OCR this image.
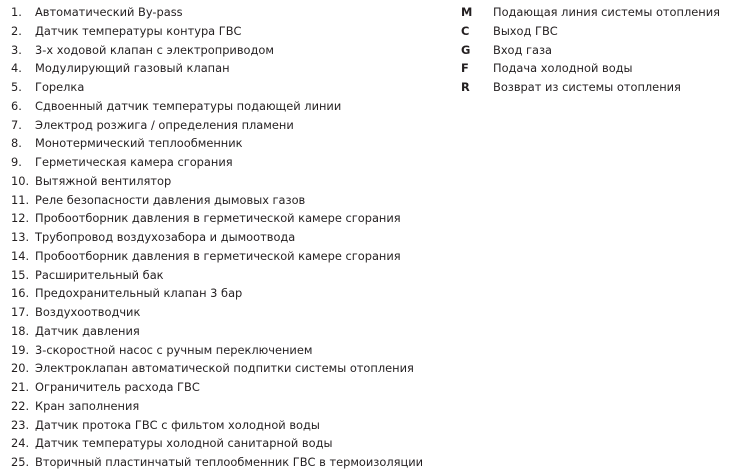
1. Автоматический By-pass
2. Датчик температуры контура ГВС
3. 3-х ходовой клапан с электроприводом
4. Модулирующий газовый клапан
5. Горелка
6. Сдвоенный датчик температуры подающей линии
7. Электрод розжига / определения пламени
8. Монотермический теплообменник
9. Герметическая камера сгорания
10. Вытяжной вентилятор
11. Реле безопасности давления дымовых газов
12. Пробоотборник давления в герметической камере сгорания
13. Трубопровод воздухозабора и дымоотвода
14. Пробоотборник давления в герметической камере сгорания
15. Расширительный бак
16. Предохранительный клапан 3 бар
17. Воздухоотводчик
18. Датчик давления
19. 3-скоростной насос с ручным переключением
20. Электроклапан автоматической подпитки системы отопления
21. Ограничитель расхода ГВС
22. Кран заполнения
23. Датчик протока ГВС с фильтом холодной воды
24. Датчик температуры холодной санитарной воды
25. Вторичный пластинчатый теплообменник ГВС в термоизоляции
M Подающая линия системы отопления
C Выход ГВС
G Вход газа
F Подача холодной воды
R Возврат из системы отопления
